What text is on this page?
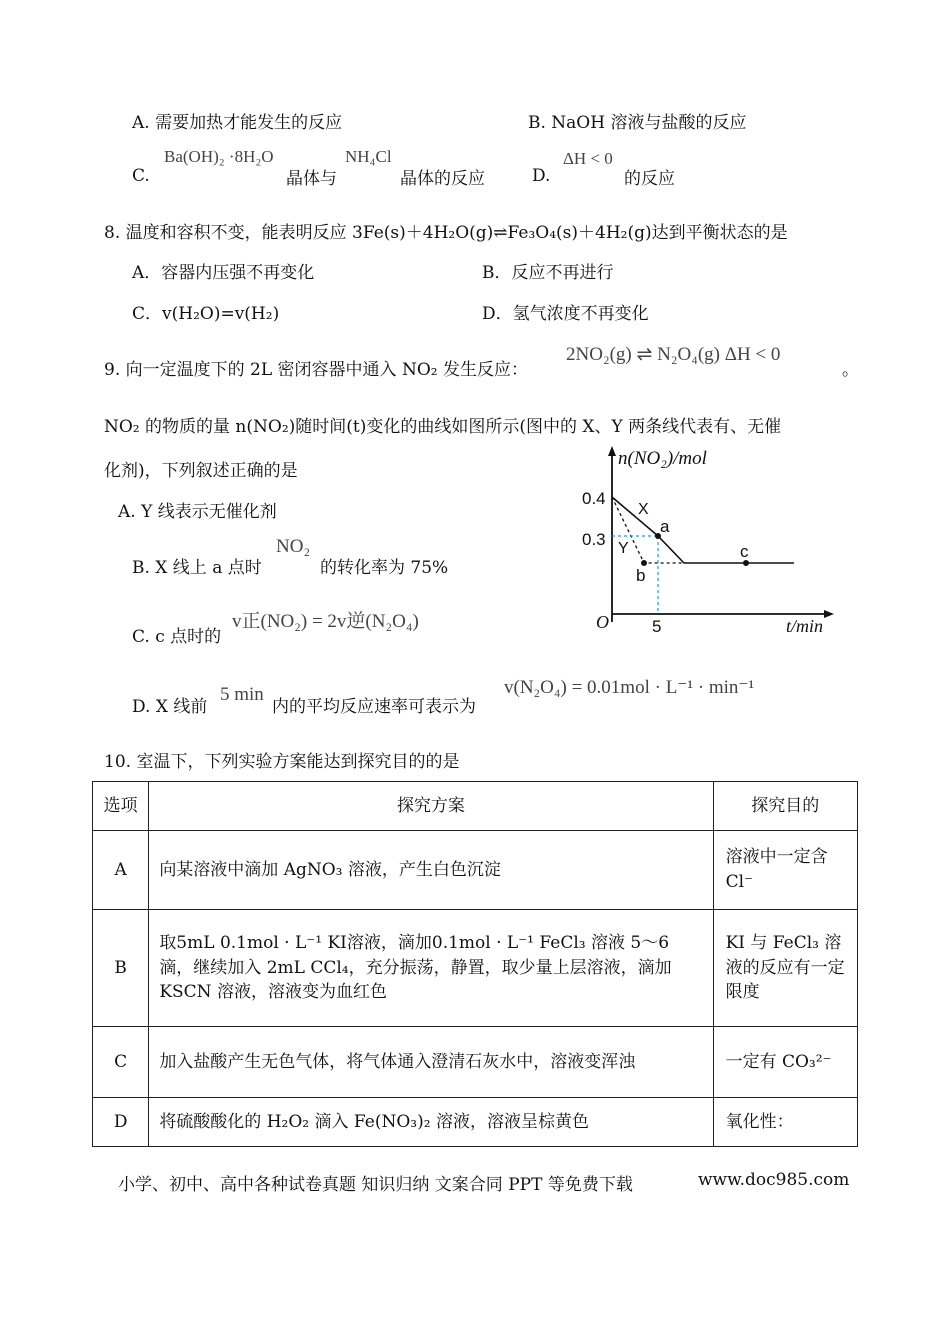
A. 需要加热才能发生的反应	B. NaOH 溶液与盐酸的反应
C.
Ba(OH)₂ ·8H₂O
晶体与
NH₄Cl
晶体的反应	D.
ΔH < 0
的反应
8. 温度和容积不变，能表明反应 3Fe(s)＋4H₂O(g)⇌Fe₃O₄(s)＋4H₂(g)达到平衡状态的是
A．容器内压强不再变化	B．反应不再进行
C．v(H₂O)=v(H₂)	D．氢气浓度不再变化
9. 向一定温度下的 2L 密闭容器中通入 NO₂ 发生反应：
2NO₂(g) ⇌ N₂O₄(g) ΔH < 0
。
NO₂ 的物质的量 n(NO₂)随时间(t)变化的曲线如图所示(图中的 X、Y 两条线代表有、无催
化剂)，下列叙述正确的是
A. Y 线表示无催化剂
B. X 线上 a 点时
NO₂
的转化率为 75%
C. c 点时的
v正(NO₂) = 2v逆(N₂O₄)
D. X 线前
5 min
内的平均反应速率可表示为
v(N₂O₄) = 0.01mol · L⁻¹ · min⁻¹
n(NO₂)/mol
t/min
O
0.4
0.3
5
X
Y
a
b
c
10. 室温下，下列实验方案能达到探究目的的是
选项	探究方案	探究目的
A	向某溶液中滴加 AgNO₃ 溶液，产生白色沉淀	溶液中一定含 Cl⁻
B	取5mL 0.1mol · L⁻¹ KI溶液，滴加0.1mol · L⁻¹ FeCl₃ 溶液 5～6 滴，继续加入 2mL CCl₄，充分振荡，静置，取少量上层溶液，滴加 KSCN 溶液，溶液变为血红色	KI 与 FeCl₃ 溶液的反应有一定限度
C	加入盐酸产生无色气体，将气体通入澄清石灰水中，溶液变浑浊	一定有 CO₃²⁻
D	将硫酸酸化的 H₂O₂ 滴入 Fe(NO₃)₂ 溶液，溶液呈棕黄色	氧化性：
小学、初中、高中各种试卷真题 知识归纳 文案合同 PPT 等免费下载	www.doc985.com
